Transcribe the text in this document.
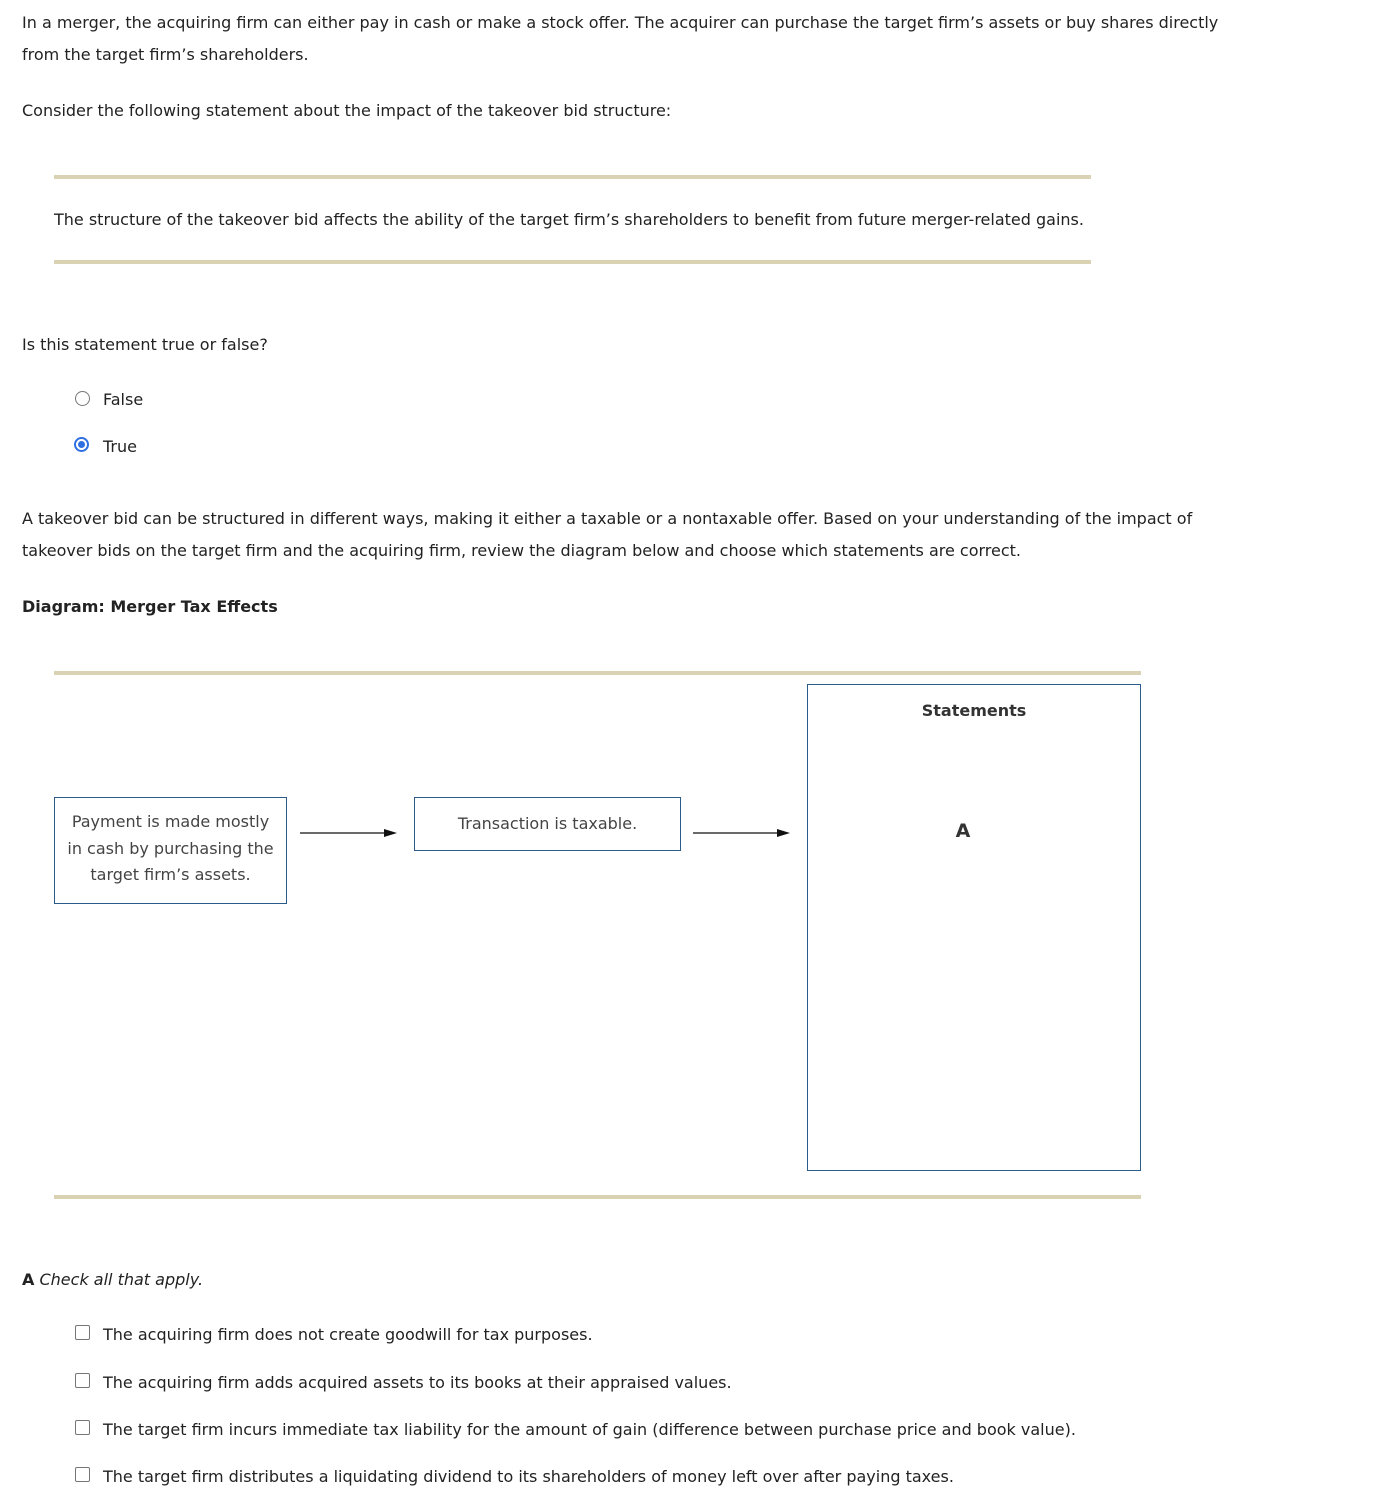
In a merger, the acquiring firm can either pay in cash or make a stock offer. The acquirer can purchase the target firm’s assets or buy shares directly from the target firm’s shareholders.

Consider the following statement about the impact of the takeover bid structure:

The structure of the takeover bid affects the ability of the target firm’s shareholders to benefit from future merger-related gains.
Is this statement true or false?
False
True

A takeover bid can be structured in different ways, making it either a taxable or a nontaxable offer. Based on your understanding of the impact of takeover bids on the target firm and the acquiring firm, review the diagram below and choose which statements are correct.

Diagram: Merger Tax Effects
Payment is made mostly in cash by purchasing the target firm’s assets.
Transaction is taxable.
Statements
A
A Check all that apply.
The acquiring firm does not create goodwill for tax purposes.
The acquiring firm adds acquired assets to its books at their appraised values.
The target firm incurs immediate tax liability for the amount of gain (difference between purchase price and book value).
The target firm distributes a liquidating dividend to its shareholders of money left over after paying taxes.
